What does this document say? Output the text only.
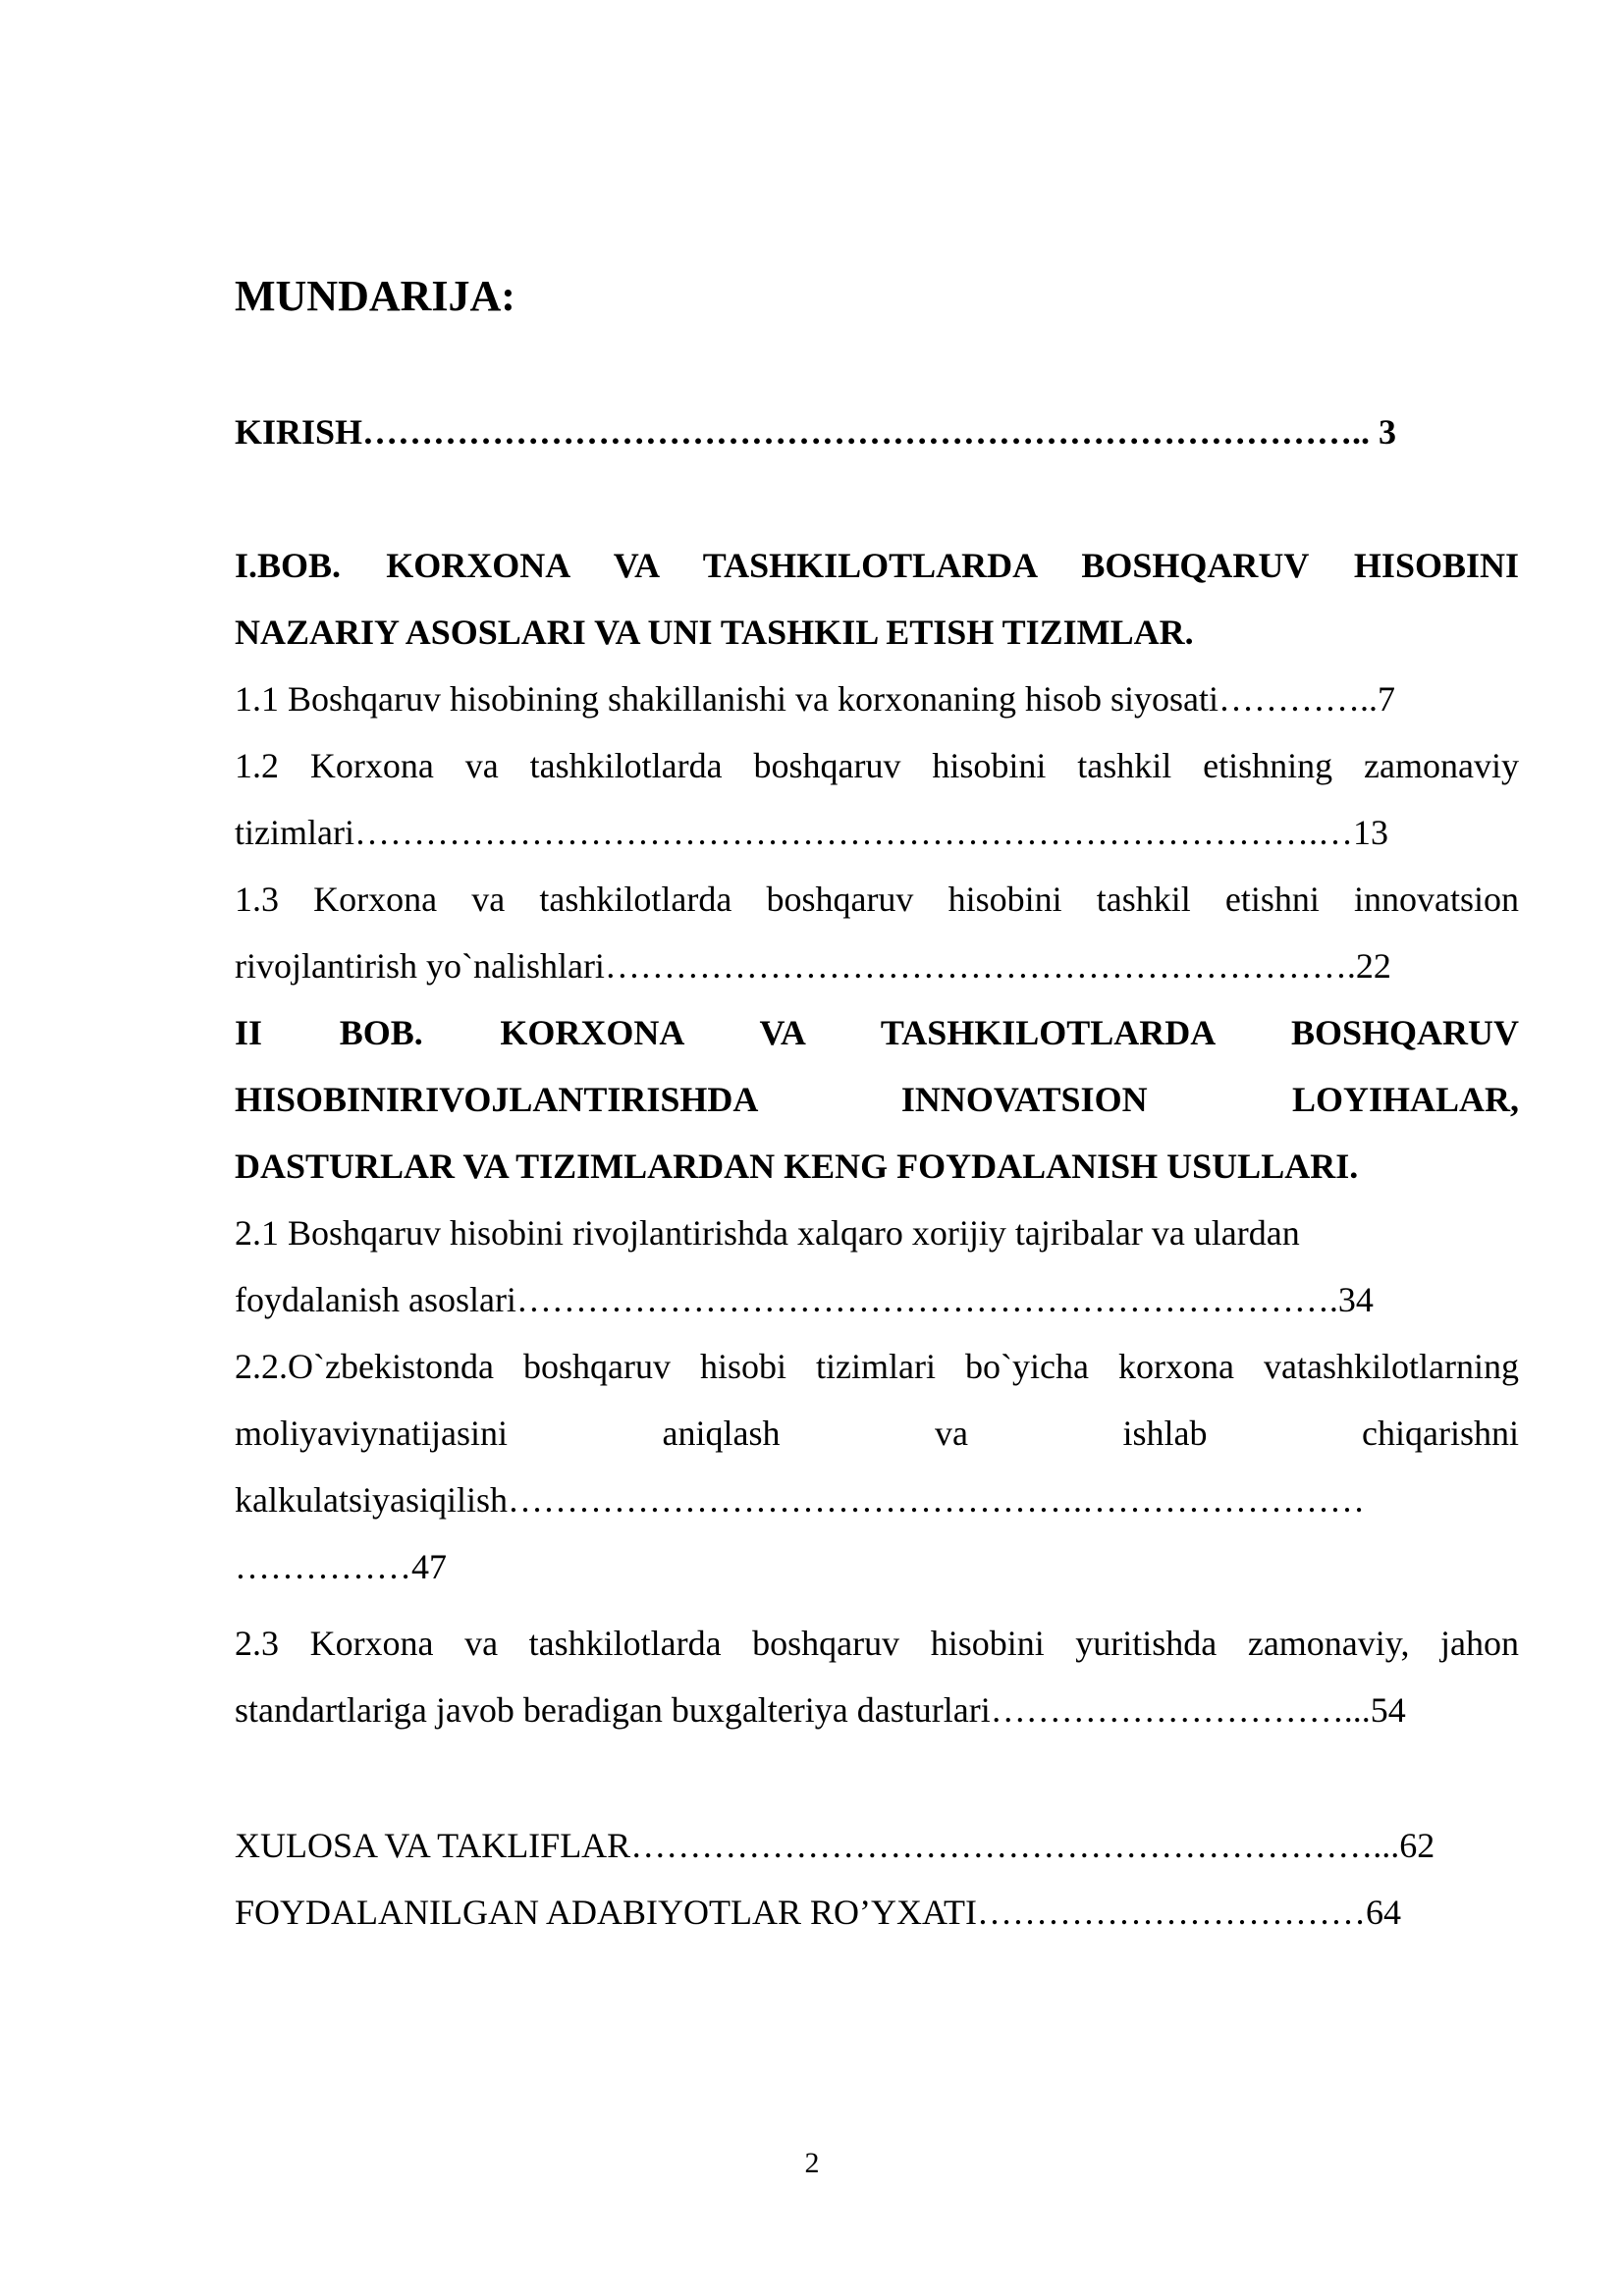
MUNDARIJA:

KIRISH………………………………………………………………………….. 3

I.BOB. KORXONA VA TASHKILOTLARDA BOSHQARUV HISOBINI

NAZARIY ASOSLARI VA UNI TASHKIL ETISH TIZIMLAR.

1.1 Boshqaruv hisobining shakillanishi va korxonaning hisob siyosati…………..7

1.2 Korxona va tashkilotlarda boshqaruv hisobini tashkil etishning zamonaviy

tizimlari……………………………………………………………………….…13

1.3 Korxona va tashkilotlarda boshqaruv hisobini tashkil etishni innovatsion

rivojlantirish yo`nalishlari……………………………………………………….22

II BOB. KORXONA VA TASHKILOTLARDA BOSHQARUV

HISOBINIRIVOJLANTIRISHDA INNOVATSION LOYIHALAR,

DASTURLAR VA TIZIMLARDAN KENG FOYDALANISH USULLARI.

2.1 Boshqaruv hisobini rivojlantirishda xalqaro xorijiy tajribalar va ulardan

foydalanish asoslari…………………………………………………………….34

2.2.O`zbekistonda boshqaruv hisobi tizimlari bo`yicha korxona vatashkilotlarning

moliyaviynatijasini aniqlash va ishlab chiqarishni

kalkulatsiyasiqilish………………………………………….……………………

……………47

2.3 Korxona va tashkilotlarda boshqaruv hisobini yuritishda zamonaviy, jahon

standartlariga javob beradigan buxgalteriya dasturlari…………………………...54

XULOSA VA TAKLIFLAR………………………………………………………...62

FOYDALANILGAN ADABIYOTLAR RO’YXATI……………………………64

2
